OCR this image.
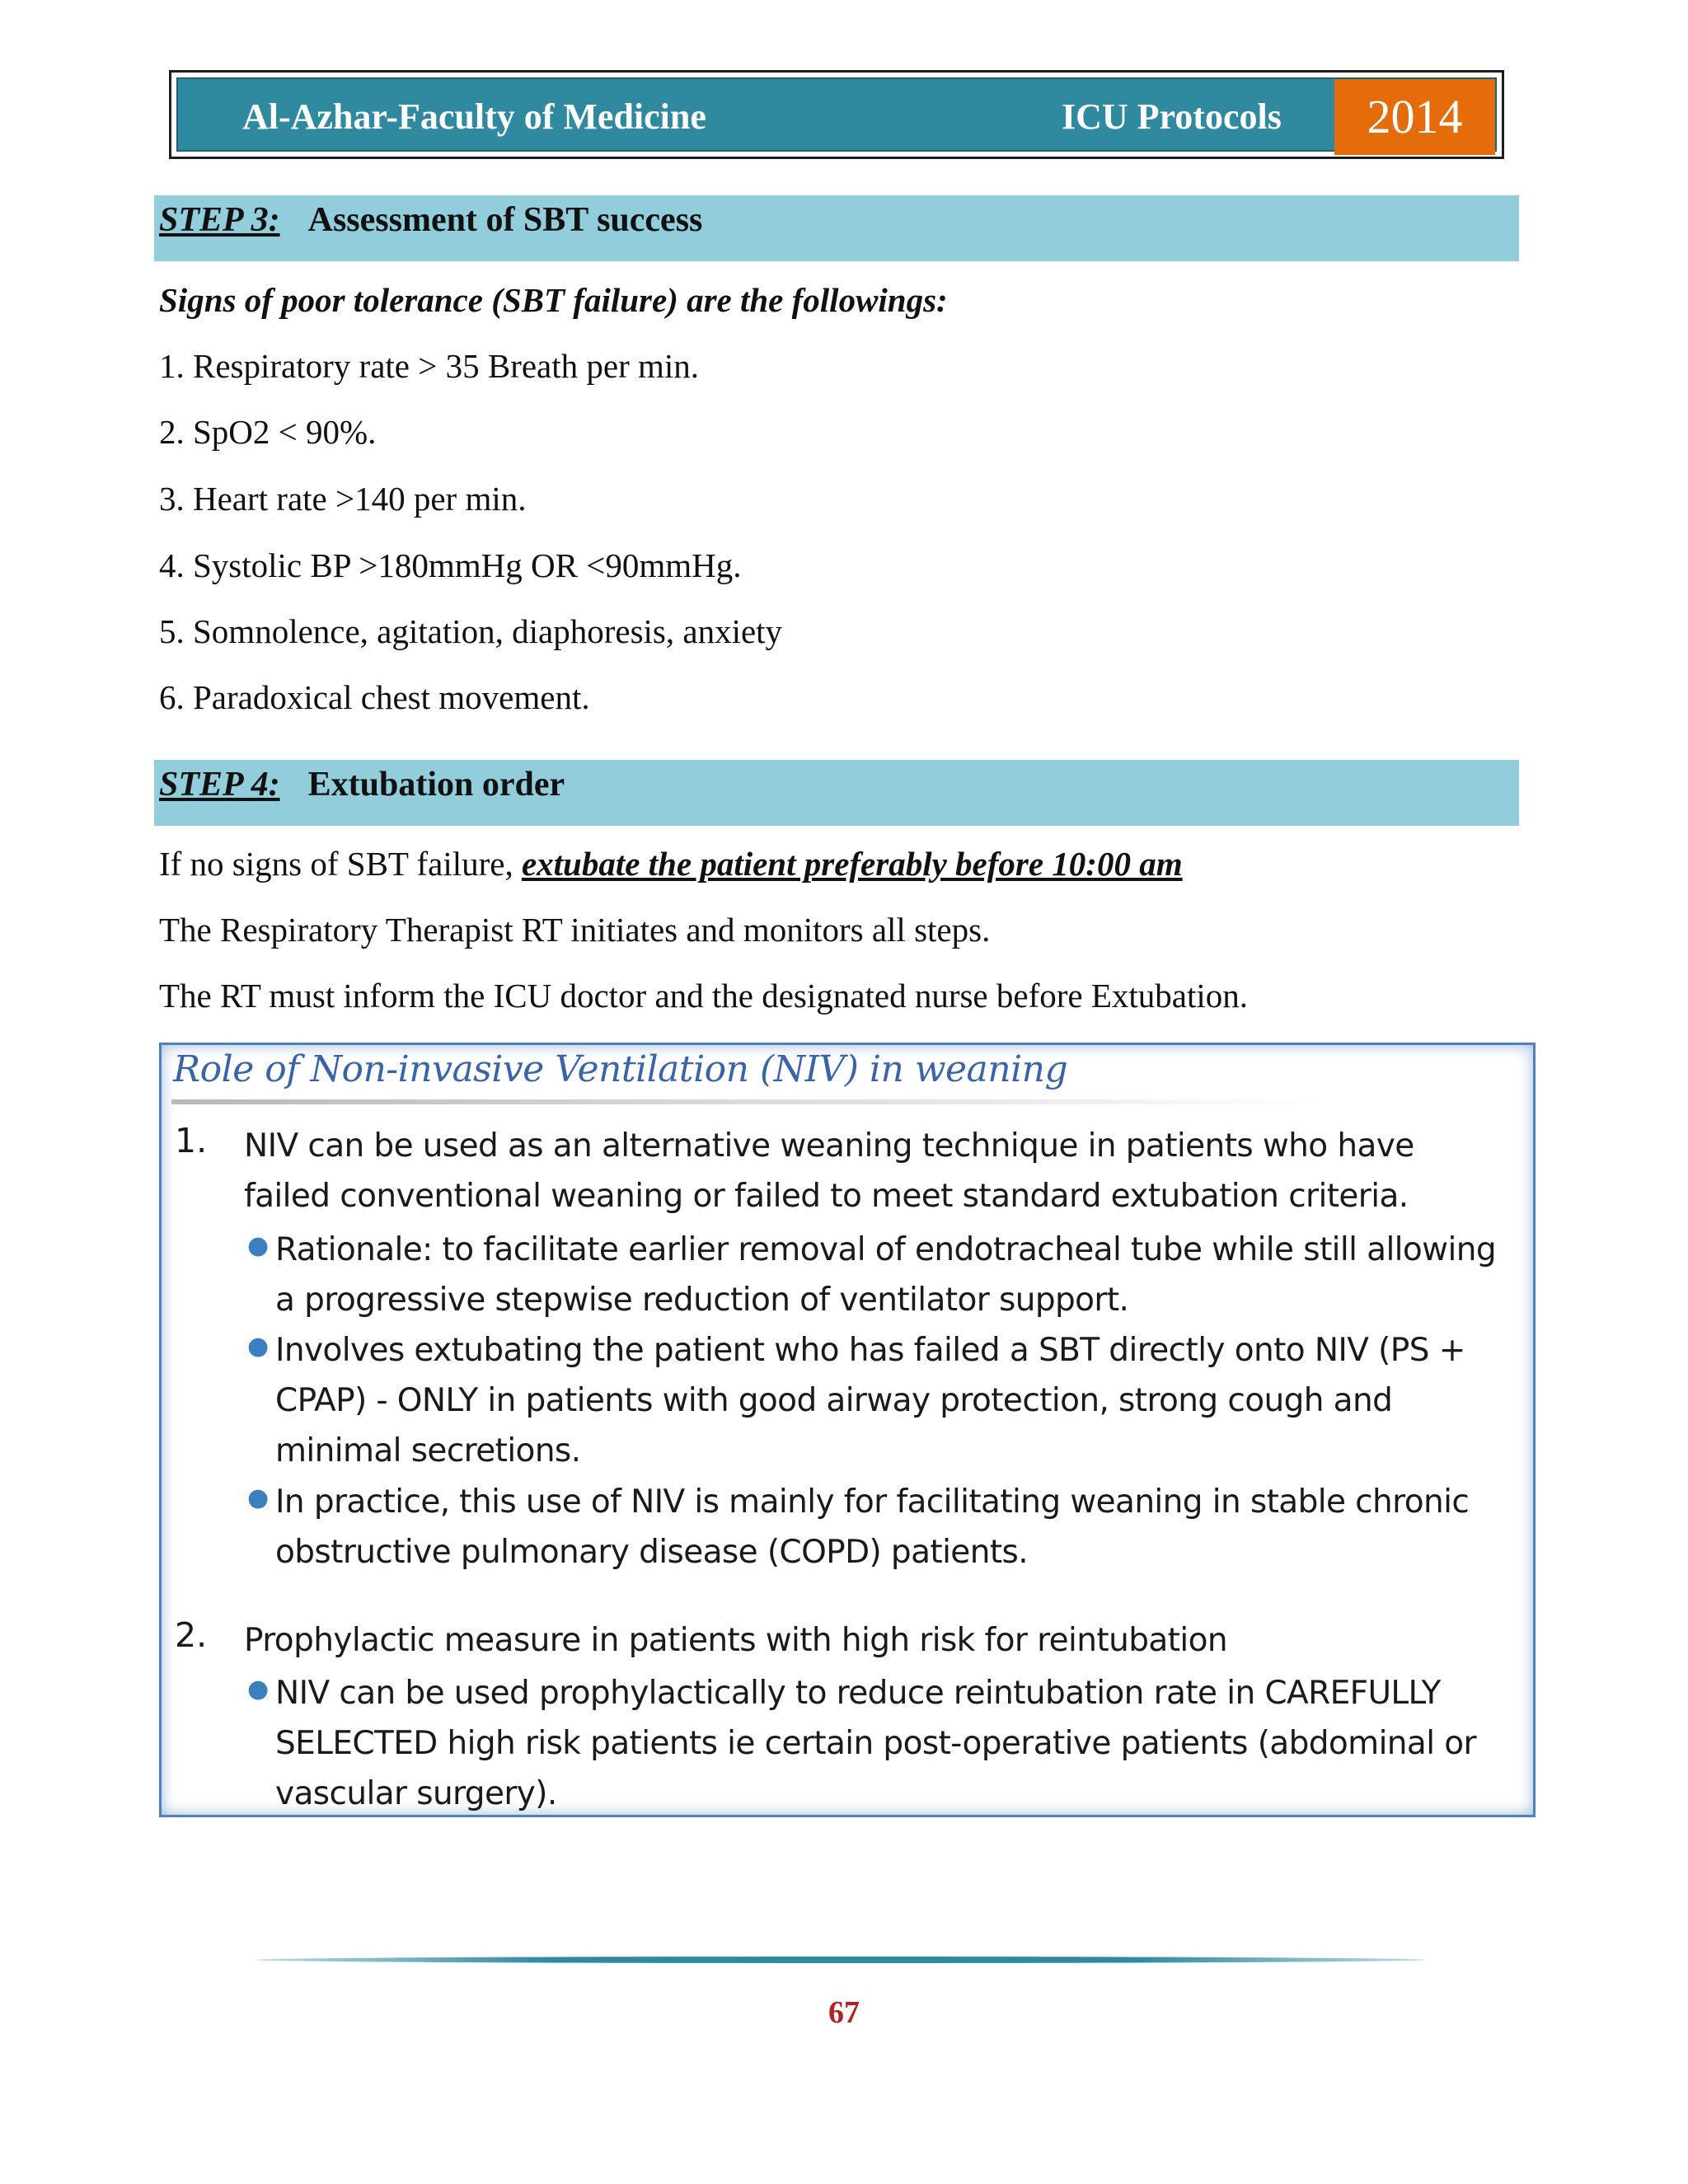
Al-Azhar-Faculty of Medicine	ICU Protocols	2014
STEP 3: Assessment of SBT success
Signs of poor tolerance (SBT failure) are the followings:
1. Respiratory rate > 35 Breath per min.
2. SpO2 < 90%.
3. Heart rate >140 per min.
4. Systolic BP >180mmHg OR <90mmHg.
5. Somnolence, agitation, diaphoresis, anxiety
6. Paradoxical chest movement.
STEP 4: Extubation order
If no signs of SBT failure, extubate the patient preferably before 10:00 am
The Respiratory Therapist RT initiates and monitors all steps.
The RT must inform the ICU doctor and the designated nurse before Extubation.
Role of Non-invasive Ventilation (NIV) in weaning
1. NIV can be used as an alternative weaning technique in patients who have failed conventional weaning or failed to meet standard extubation criteria.
● Rationale: to facilitate earlier removal of endotracheal tube while still allowing a progressive stepwise reduction of ventilator support.
● Involves extubating the patient who has failed a SBT directly onto NIV (PS + CPAP) - ONLY in patients with good airway protection, strong cough and minimal secretions.
● In practice, this use of NIV is mainly for facilitating weaning in stable chronic obstructive pulmonary disease (COPD) patients.
2. Prophylactic measure in patients with high risk for reintubation
● NIV can be used prophylactically to reduce reintubation rate in CAREFULLY SELECTED high risk patients ie certain post-operative patients (abdominal or vascular surgery).
67
